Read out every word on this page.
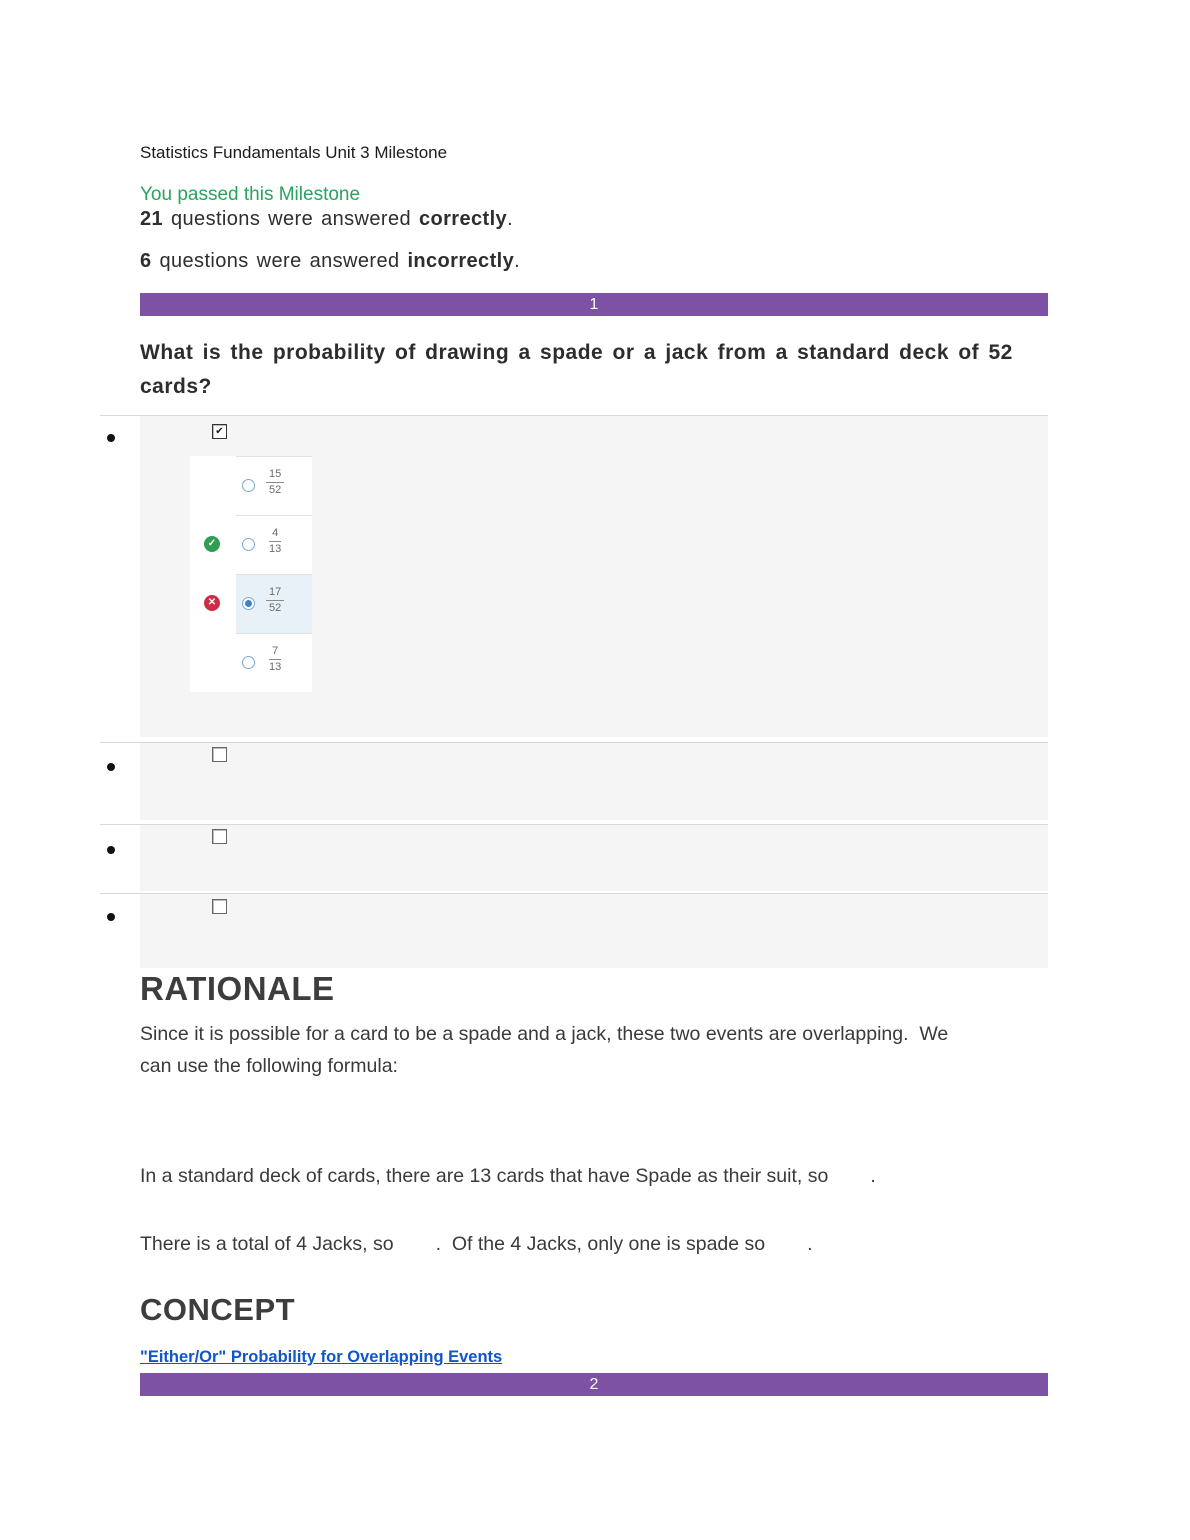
Statistics Fundamentals Unit 3 Milestone
You passed this Milestone
21 questions were answered correctly.
6 questions were answered incorrectly.
1
What is the probability of drawing a spade or a jack from a standard deck of 52 cards?
✔
$\frac{15}{52}$
✓	$\frac{4}{13}$
✕	$\frac{17}{52}$
$\frac{7}{13}$
RATIONALE
Since it is possible for a card to be a spade and a jack, these two events are overlapping.  We can use the following formula:
In a standard deck of cards, there are 13 cards that have Spade as their suit, so .
There is a total of 4 Jacks, so .  Of the 4 Jacks, only one is spade so .
CONCEPT
"Either/Or" Probability for Overlapping Events
2
